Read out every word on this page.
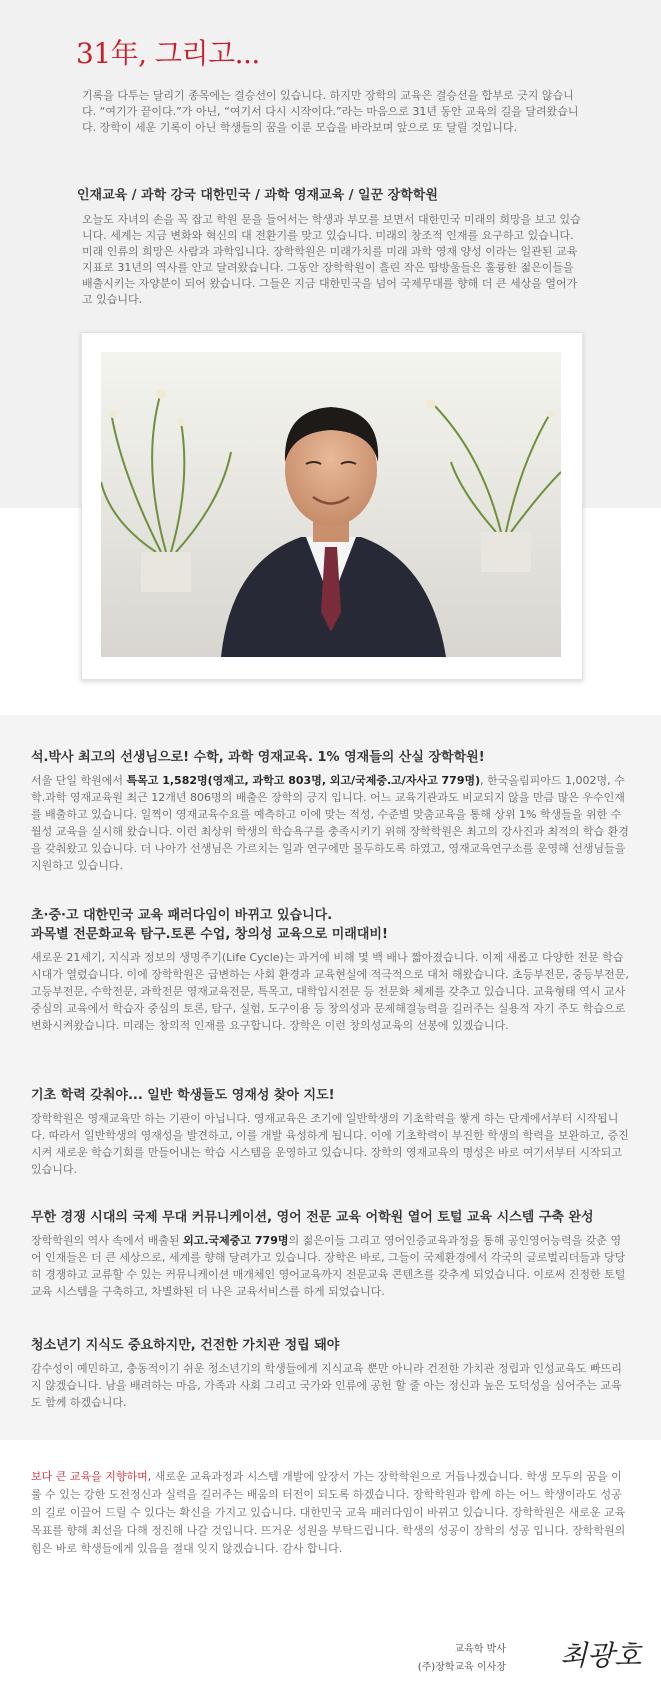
31年, 그리고...

기록을 다투는 달리기 종목에는 결승선이 있습니다. 하지만 장학의 교육은 결승선을 합부로 긋지 않습니다. “여기가 끝이다.”가 아닌, “여기서 다시 시작이다.”라는 마음으로 31년 동안 교육의 길을 달려왔습니다. 장학이 세운 기록이 아닌 학생들의 꿈을 이룬 모습을 바라보며 앞으로 또 달릴 것입니다.

인재교육 / 과학 강국 대한민국 / 과학 영재교육 / 일꾼 장학학원

오늘도 자녀의 손을 꼭 잡고 학원 문을 들어서는 학생과 부모를 보면서 대한민국 미래의 희망을 보고 있습니다. 세계는 지금 변화와 혁신의 대 전환기를 맞고 있습니다. 미래의 창조적 인재를 요구하고 있습니다. 미래 인류의 희망은 사람과 과학입니다. 장학학원은 미래가치를 미래 과학 영재 양성 이라는 일관된 교육지표로 31년의 역사를 안고 달려왔습니다. 그동안 장학학원이 흘린 작은 땀방울들은 훌륭한 젊은이들을 배출시키는 자양분이 되어 왔습니다. 그들은 지금 대한민국을 넘어 국제무대를 향해 더 큰 세상을 열어가고 있습니다.

석.박사 최고의 선생님으로! 수학, 과학 영재교육. 1% 영재들의 산실 장학학원!

서울 단일 학원에서 특목고 1,582명(영재고, 과학고 803명, 외고/국제중.고/자사고 779명), 한국올림피아드 1,002명, 수학.과학 영재교육원 최근 12개년 806명의 배출은 장학의 긍지 입니다. 어느 교육기관과도 비교되지 않을 만큼 많은 우수인재를 배출하고 있습니다. 일찍이 영재교육수요를 예측하고 이에 맞는 적성, 수준별 맞춤교육을 통해 상위 1% 학생들을 위한 수월성 교육을 실시해 왔습니다. 이런 최상위 학생의 학습욕구를 충족시키기 위해 장학학원은 최고의 강사진과 최적의 학습 환경을 갖춰왔고 있습니다. 더 나아가 선생님은 가르치는 일과 연구에만 몰두하도록 하였고, 영재교육연구소를 운영해 선생님들을 지원하고 있습니다.

초·중·고 대한민국 교육 패러다임이 바뀌고 있습니다.
과목별 전문화교육 탐구.토론 수업, 창의성 교육으로 미래대비!

새로운 21세기, 지식과 정보의 생명주기(Life Cycle)는 과거에 비해 몇 백 배나 짧아졌습니다. 이제 새롭고 다양한 전문 학습시대가 열렸습니다. 이에 장학학원은 급변하는 사회 환경과 교육현실에 적극적으로 대처 해왔습니다. 초등부전문, 중등부전문, 고등부전문, 수학전문, 과학전문 영재교육전문, 특목고, 대학입시전문 등 전문화 체제를 갖추고 있습니다. 교육형태 역시 교사중심의 교육에서 학습자 중심의 토론, 탐구, 실험, 도구이용 등 창의성과 문제해결능력을 길러주는 실용적 자기 주도 학습으로 변화시켜왔습니다. 미래는 창의적 인재를 요구합니다. 장학은 이런 창의성교육의 선봉에 있겠습니다.

기초 학력 갖춰야... 일반 학생들도 영재성 찾아 지도!

장학학원은 영재교육만 하는 기관이 아닙니다. 영재교육은 조기에 일반학생의 기초학력을 쌓게 하는 단계에서부터 시작됩니다. 따라서 일반학생의 영재성을 발견하고, 이를 개발 육성하게 됩니다. 이에 기초학력이 부진한 학생의 학력을 보완하고, 증진시켜 새로운 학습기회를 만들어내는 학습 시스템을 운영하고 있습니다. 장학의 영재교육의 명성은 바로 여기서부터 시작되고 있습니다.

무한 경쟁 시대의 국제 무대 커뮤니케이션, 영어 전문 교육 어학원 열어 토털 교육 시스템 구축 완성

장학학원의 역사 속에서 배출된 외고.국제중고 779명의 젊은이들 그리고 영어인증교육과정을 통해 공인영어능력을 갖춘 영어 인재들은 더 큰 세상으로, 세계를 향해 달려가고 있습니다. 장학은 바로, 그들이 국제환경에서 각국의 글로벌리더들과 당당히 경쟁하고 교류할 수 있는 커뮤니케이션 매개체인 영어교육까지 전문교육 콘텐츠를 갖추게 되었습니다. 이로써 진정한 토털교육 시스템을 구축하고, 차별화된 더 나은 교육서비스를 하게 되었습니다.

청소년기 지식도 중요하지만, 건전한 가치관 정립 돼야

감수성이 예민하고, 충동적이기 쉬운 청소년기의 학생들에게 지식교육 뿐만 아니라 건전한 가치관 정립과 인성교육도 빠뜨리지 않겠습니다. 남을 배려하는 마음, 가족과 사회 그리고 국가와 인류에 공헌 할 줄 아는 정신과 높은 도덕성을 심어주는 교육도 함께 하겠습니다.

보다 큰 교육을 지향하며, 새로운 교육과정과 시스템 개발에 앞장서 가는 장학학원으로 거듭나겠습니다. 학생 모두의 꿈을 이룰 수 있는 강한 도전정신과 실력을 길러주는 배움의 터전이 되도록 하겠습니다. 장학학원과 함께 하는 어느 학생이라도 성공의 길로 이끌어 드릴 수 있다는 확신을 가지고 있습니다. 대한민국 교육 패러다임이 바뀌고 있습니다. 장학학원은 새로운 교육목표를 향해 최선을 다해 정진해 나갈 것입니다. 뜨거운 성원을 부탁드립니다. 학생의 성공이 장학의 성공 입니다. 장학학원의 힘은 바로 학생들에게 있음을 절대 잊지 않겠습니다. 감사 합니다.

교육학 박사
(주)장학교육 이사장 최광호
